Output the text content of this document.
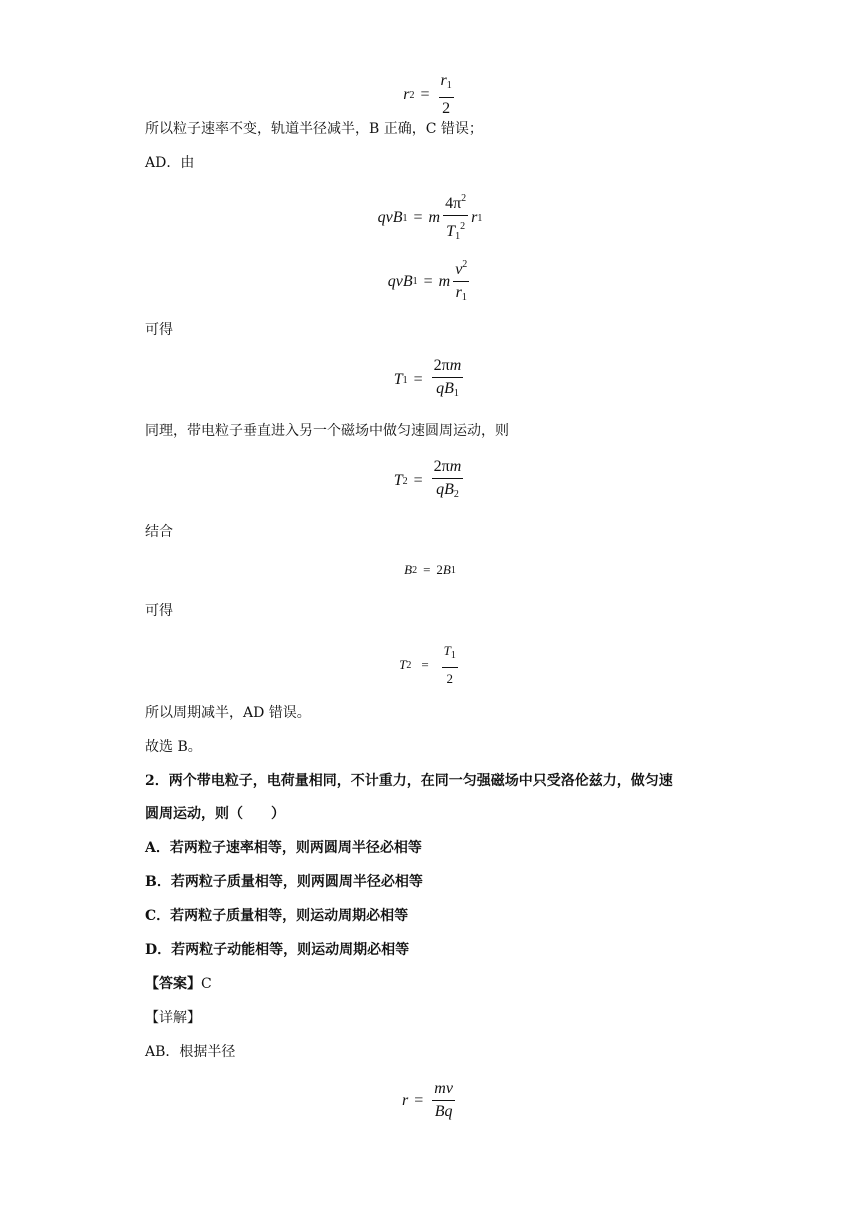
r $2 = \frac{r_1}{2}$
所以粒子速率不变，轨道半径减半，B 正确，C 错误；
AD．由
q v B 1 = m $\frac{4\pi^2}{T_1^2}$ r 1
q v B 1 = m $\frac{v^2}{r_1}$
可得
T $1 = \frac{2\pi m}{qB_1}$
同理，带电粒子垂直进入另一个磁场中做匀速圆周运动，则
T $2 = \frac{2\pi m}{qB_2}$
结合
B 2 = 2 B 1
可得
T $2 = \frac{T_1}{2}$
所以周期减半，AD 错误。
故选 B。
2．两个带电粒子，电荷量相同，不计重力，在同一匀强磁场中只受洛伦兹力，做匀速
圆周运动，则（　　）
A．若两粒子速率相等，则两圆周半径必相等
B．若两粒子质量相等，则两圆周半径必相等
C．若两粒子质量相等，则运动周期必相等
D．若两粒子动能相等，则运动周期必相等
【答案】C
【详解】
AB．根据半径
$r = \frac{mv}{Bq}$
